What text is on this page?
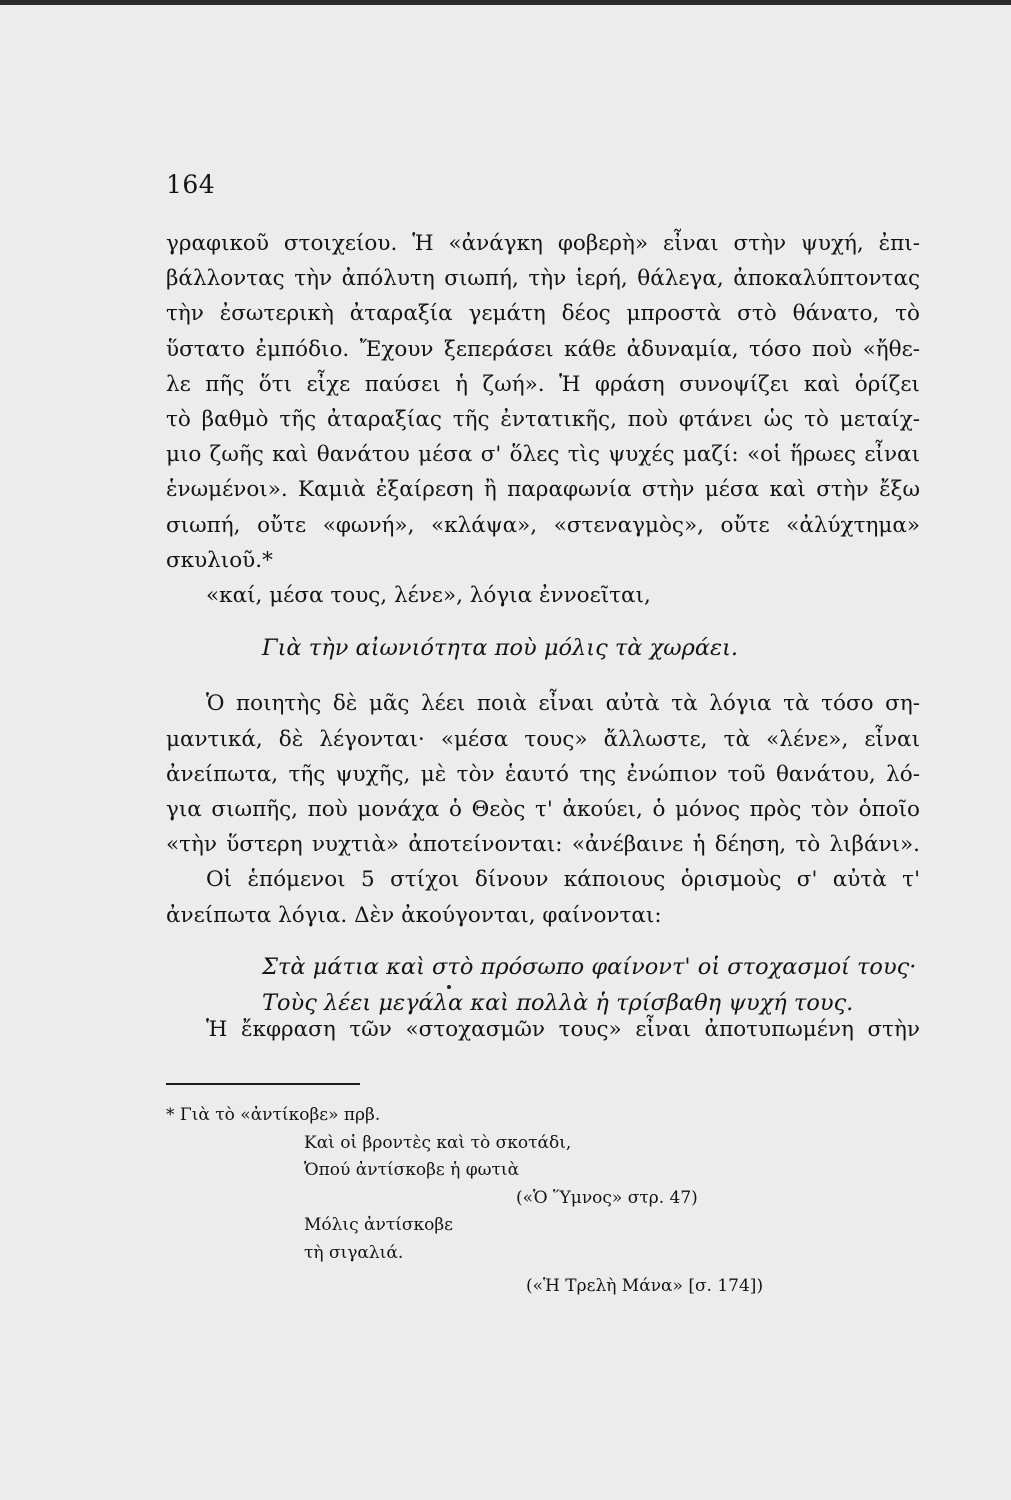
164
γραφικοῦ στοιχείου. Ἡ «ἀνάγκη φοβερὴ» εἶναι στὴν ψυχή, ἐπι-
βάλλοντας τὴν ἀπόλυτη σιωπή, τὴν ἱερή, θάλεγα, ἀποκαλύπτοντας
τὴν ἐσωτερικὴ ἀταραξία γεμάτη δέος μπροστὰ στὸ θάνατο, τὸ
ὕστατο ἐμπόδιο. Ἔχουν ξεπεράσει κάθε ἀδυναμία, τόσο ποὺ «ἤθε-
λε πῆς ὅτι εἶχε παύσει ἡ ζωή». Ἡ φράση συνοψίζει καὶ ὁρίζει
τὸ βαθμὸ τῆς ἀταραξίας τῆς ἐντατικῆς, ποὺ φτάνει ὡς τὸ μεταίχ-
μιο ζωῆς καὶ θανάτου μέσα σ' ὅλες τὶς ψυχές μαζί: «οἱ ἥρωες εἶναι
ἑνωμένοι». Καμιὰ ἐξαίρεση ἢ παραφωνία στὴν μέσα καὶ στὴν ἔξω
σιωπή, οὔτε «φωνή», «κλάψα», «στεναγμὸς», οὔτε «ἀλύχτημα»
σκυλιοῦ.*
«καί, μέσα τους, λένε», λόγια ἐννοεῖται,
Γιὰ τὴν αἰωνιότητα ποὺ μόλις τὰ χωράει.
Ὁ ποιητὴς δὲ μᾶς λέει ποιὰ εἶναι αὐτὰ τὰ λόγια τὰ τόσο ση-
μαντικά, δὲ λέγονται· «μέσα τους» ἄλλωστε, τὰ «λένε», εἶναι
ἀνείπωτα, τῆς ψυχῆς, μὲ τὸν ἑαυτό της ἐνώπιον τοῦ θανάτου, λό-
για σιωπῆς, ποὺ μονάχα ὁ Θεὸς τ' ἀκούει, ὁ μόνος πρὸς τὸν ὁποῖο
«τὴν ὕστερη νυχτιὰ» ἀποτείνονται: «ἀνέβαινε ἡ δέηση, τὸ λιβάνι».
Οἱ ἑπόμενοι 5 στίχοι δίνουν κάποιους ὁρισμοὺς σ' αὐτὰ τ'
ἀνείπωτα λόγια. Δὲν ἀκούγονται, φαίνονται:
Στὰ μάτια καὶ στὸ πρόσωπο φαίνοντ' οἱ στοχασμοί τους·
Τοὺς λέει μεγάλα καὶ πολλὰ ἡ τρίσβαθη ψυχή τους.
Ἡ ἔκφραση τῶν «στοχασμῶν τους» εἶναι ἀποτυπωμένη στὴν
* Γιὰ τὸ «ἀντίκοβε» πρβ.
Καὶ οἱ βροντὲς καὶ τὸ σκοτάδι,
Ὁπού ἀντίσκοβε ἡ φωτιὰ
(«Ὁ Ὕμνος» στρ. 47)
Μόλις ἀντίσκοβε
τὴ σιγαλιά.
(«Ἡ Τρελὴ Μάνα» [σ. 174])
